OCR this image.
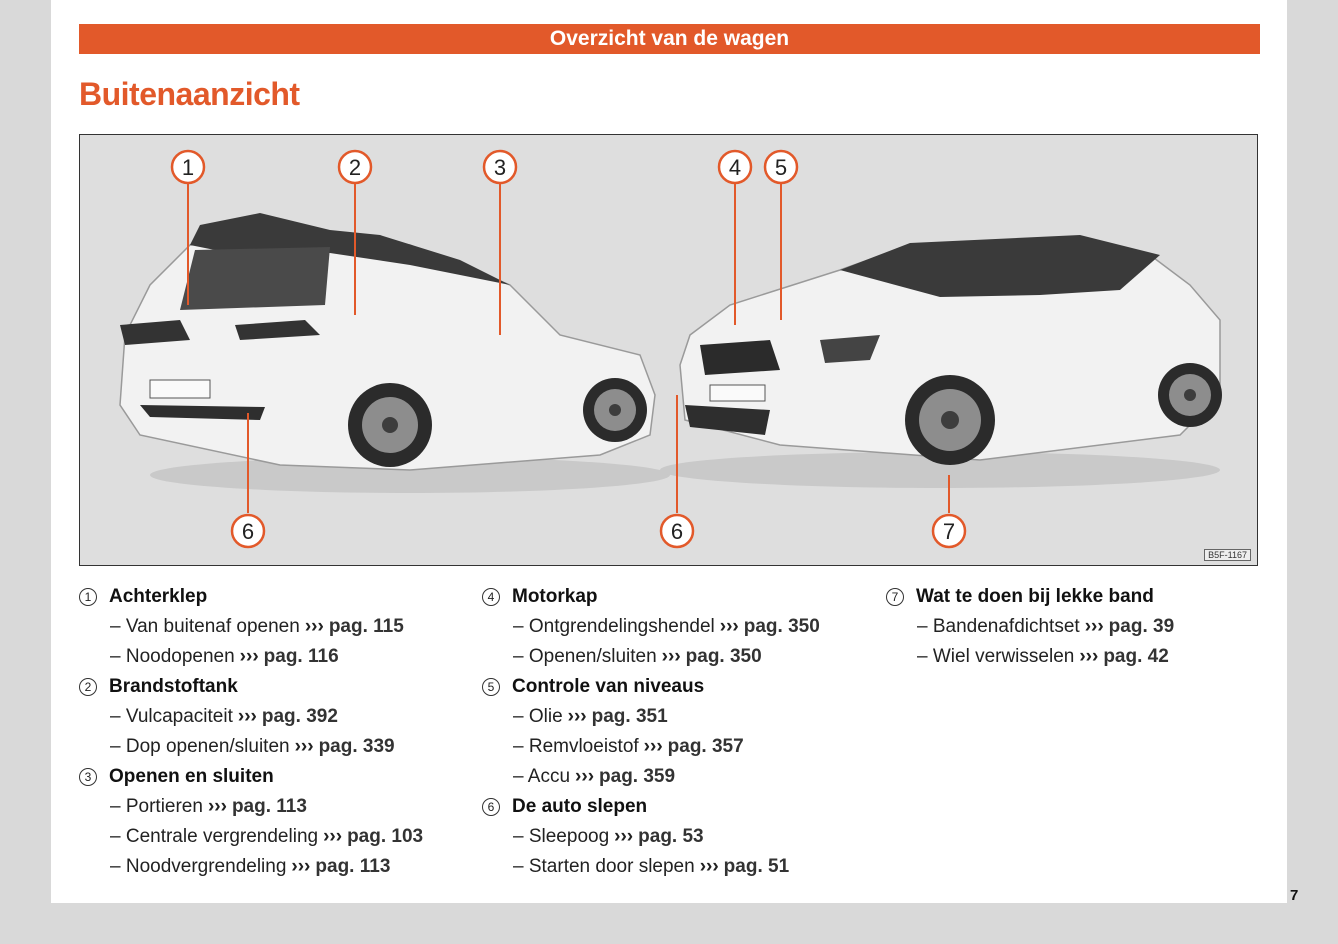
Overzicht van de wagen
Buitenaanzicht
1	2	3	4 5
6	6	7
B5F-1167
1 Achterklep
– Van buitenaf openen ››› pag. 115
– Noodopenen ››› pag. 116
2 Brandstoftank
– Vulcapaciteit ››› pag. 392
– Dop openen/sluiten ››› pag. 339
3 Openen en sluiten
– Portieren ››› pag. 113
– Centrale vergrendeling ››› pag. 103
– Noodvergrendeling ››› pag. 113
4 Motorkap
– Ontgrendelingshendel ››› pag. 350
– Openen/sluiten ››› pag. 350
5 Controle van niveaus
– Olie ››› pag. 351
– Remvloeistof ››› pag. 357
– Accu ››› pag. 359
6 De auto slepen
– Sleepoog ››› pag. 53
– Starten door slepen ››› pag. 51
7 Wat te doen bij lekke band
– Bandenafdichtset ››› pag. 39
– Wiel verwisselen ››› pag. 42
7
